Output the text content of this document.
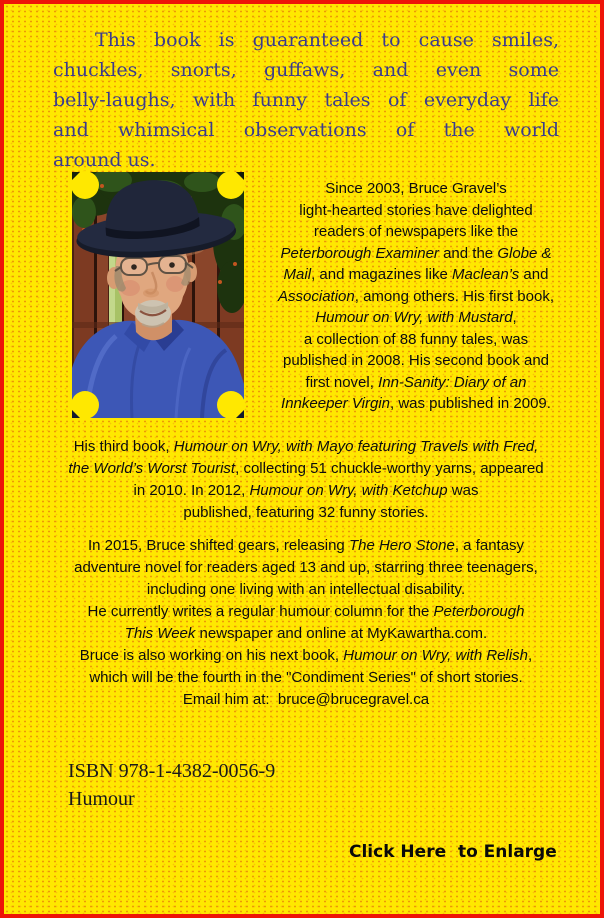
This book is guaranteed to cause smiles,
chuckles, snorts, guffaws, and even some
belly-laughs, with funny tales of everyday life
and whimsical observations of the world
around us.
Since 2003, Bruce Gravel’s
light-hearted stories have delighted
readers of newspapers like the
Peterborough Examiner and the Globe &
Mail, and magazines like Maclean’s and
Association, among others. His first book,
Humour on Wry, with Mustard,
a collection of 88 funny tales, was
published in 2008. His second book and
first novel, Inn-Sanity: Diary of an
Innkeeper Virgin, was published in 2009.
His third book, Humour on Wry, with Mayo featuring Travels with Fred,
the World’s Worst Tourist, collecting 51 chuckle-worthy yarns, appeared
in 2010. In 2012, Humour on Wry, with Ketchup was
published, featuring 32 funny stories.
In 2015, Bruce shifted gears, releasing The Hero Stone, a fantasy
adventure novel for readers aged 13 and up, starring three teenagers,
including one living with an intellectual disability.
He currently writes a regular humour column for the Peterborough
This Week newspaper and online at MyKawartha.com.
Bruce is also working on his next book, Humour on Wry, with Relish,
which will be the fourth in the "Condiment Series" of short stories.
Email him at:  bruce@brucegravel.ca
ISBN 978-1-4382-0056-9
Humour
Click Here  to Enlarge
